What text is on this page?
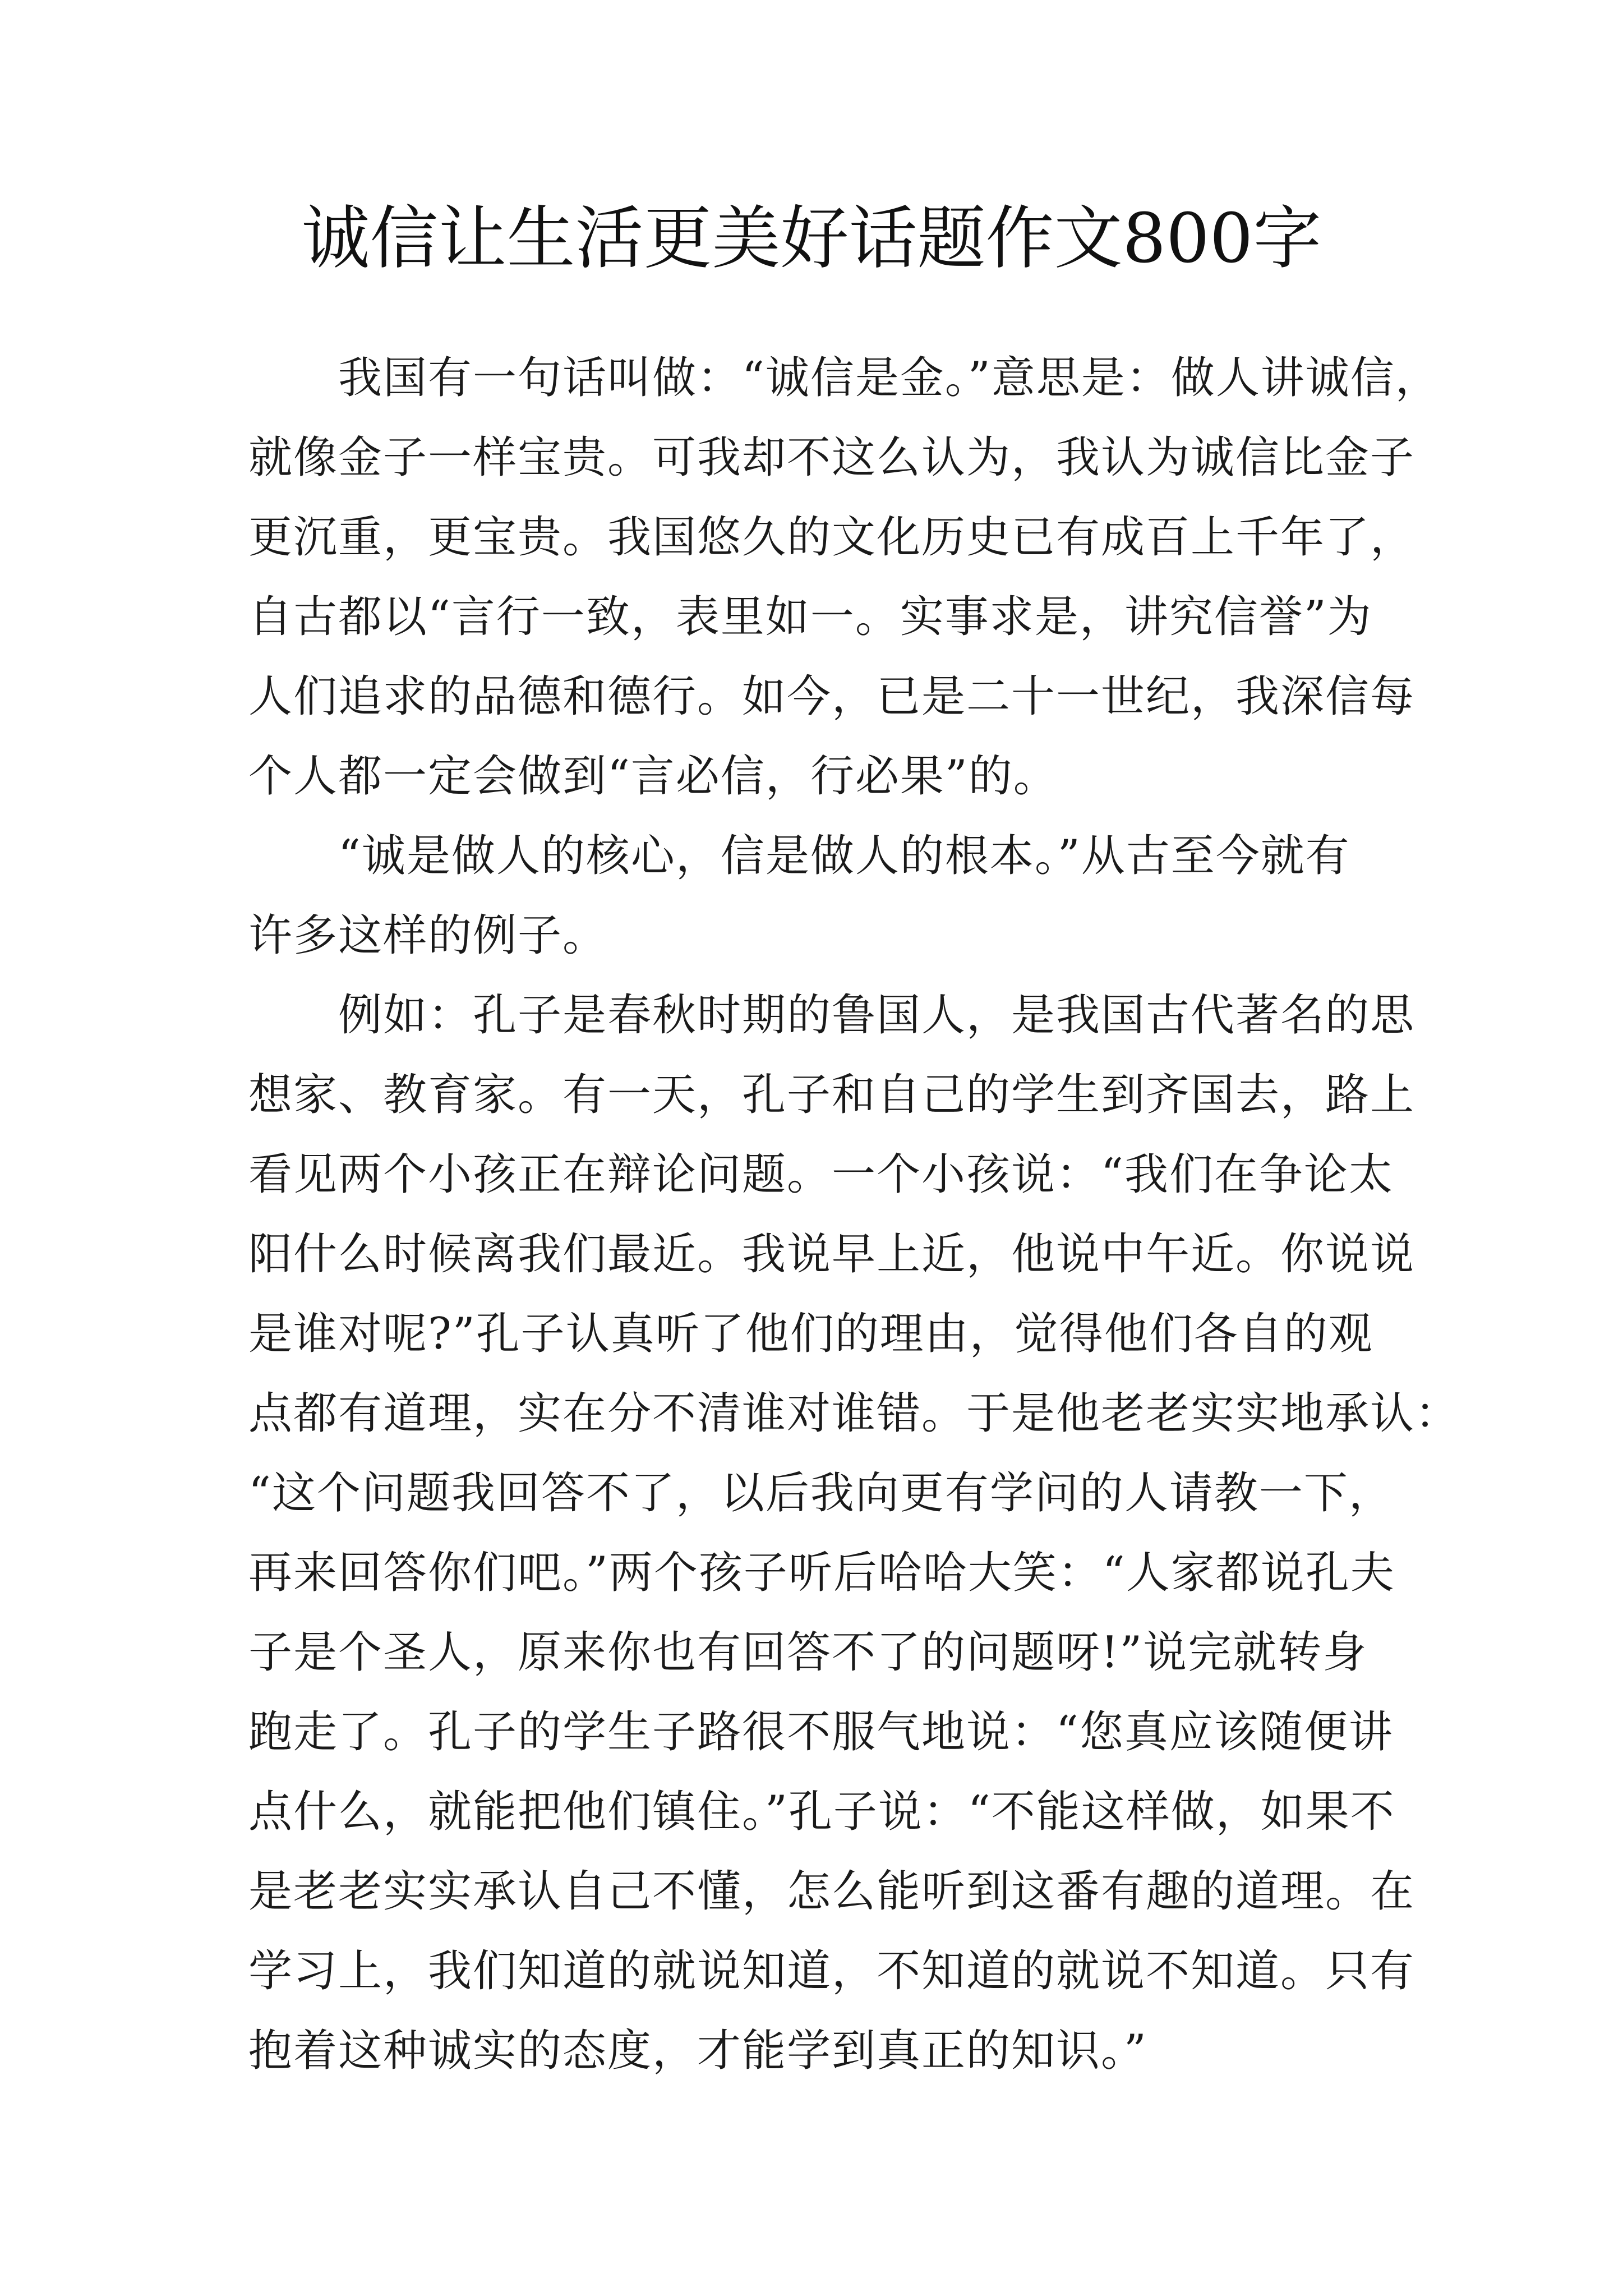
诚信让生活更美好话题作文800字
我国有一句话叫做：“诚信是金。”意思是：做人讲诚信，
就像金子一样宝贵。可我却不这么认为，我认为诚信比金子
更沉重，更宝贵。我国悠久的文化历史已有成百上千年了，
自古都以“言行一致，表里如一。实事求是，讲究信誉”为
人们追求的品德和德行。如今，已是二十一世纪，我深信每
个人都一定会做到“言必信，行必果”的。
“诚是做人的核心，信是做人的根本。”从古至今就有
许多这样的例子。
例如：孔子是春秋时期的鲁国人，是我国古代著名的思
想家、教育家。有一天，孔子和自己的学生到齐国去，路上
看见两个小孩正在辩论问题。一个小孩说：“我们在争论太
阳什么时候离我们最近。我说早上近，他说中午近。你说说
是谁对呢?”孔子认真听了他们的理由，觉得他们各自的观
点都有道理，实在分不清谁对谁错。于是他老老实实地承认：
“这个问题我回答不了，以后我向更有学问的人请教一下，
再来回答你们吧。”两个孩子听后哈哈大笑：“人家都说孔夫
子是个圣人，原来你也有回答不了的问题呀!”说完就转身
跑走了。孔子的学生子路很不服气地说：“您真应该随便讲
点什么，就能把他们镇住。”孔子说：“不能这样做，如果不
是老老实实承认自己不懂，怎么能听到这番有趣的道理。在
学习上，我们知道的就说知道，不知道的就说不知道。只有
抱着这种诚实的态度，才能学到真正的知识。”
